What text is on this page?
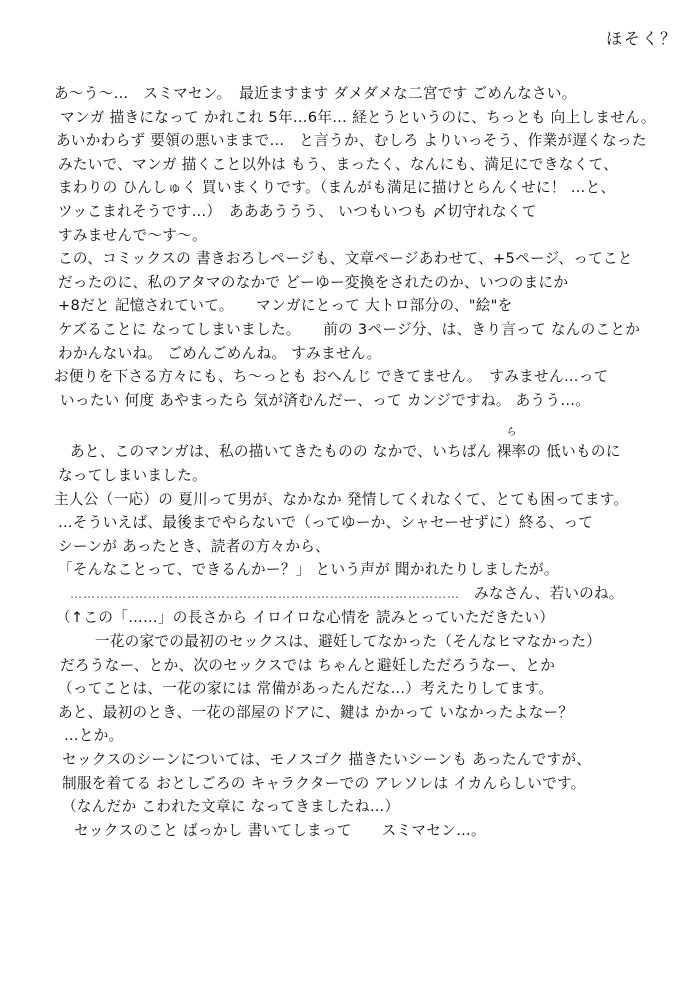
ほそく？
あ〜う〜…　スミマセン。　最近ますます ダメダメな二宮です ごめんなさい。
マンガ 描きになって かれこれ 5年…6年… 経とうというのに、ちっとも 向上しません。
あいかわらず 要領の悪いままで…　と言うか、むしろ よりいっそう、作業が遅くなった
みたいで、マンガ 描くこと以外は もう、まったく、なんにも、満足にできなくて、
まわりの ひんしゅく 買いまくりです。（まんがも満足に描けとらんくせに！ …と、
ツッこまれそうです…）　あああううう、 いつもいつも 〆切守れなくて
すみませんで〜す〜。
この、コミックスの 書きおろしページも、文章ページあわせて、+5ページ、ってこと
だったのに、私のアタマのなかで どーゆー変換をされたのか、いつのまにか
+8だと 記憶されていて。　　マンガにとって 大トロ部分の、"絵"を
ケズることに なってしまいました。　　前の 3ページ分、は、きり言って なんのことか
わかんないね。 ごめんごめんね。 すみません。
お便りを下さる方々にも、ち〜っとも おへんじ できてません。　すみません…って
いったい 何度 あやまったら 気が済むんだー、って カンジですね。 あうう…。
あと、このマンガは、私の描いてきたものの なかで、いちばん
ら
裸率の 低いものに
なってしまいました。
主人公（一応）の 夏川って男が、なかなか 発情してくれなくて、とても困ってます。
…そういえば、最後までやらないで（ってゆーか、シャセーせずに）終る、って
シーンが あったとき、読者の方々から、
「そんなことって、できるんかー？」 という声が 聞かれたりしましたが。
……………………………………………………………………………… みなさん、若いのね。
（↑この「……」の長さから イロイロな心情を 読みとっていただきたい）
　一花の家での最初のセックスは、避妊してなかった（そんなヒマなかった）
だろうなー、とか、次のセックスでは ちゃんと避妊しただろうなー、とか
（ってことは、一花の家には 常備があったんだな…）考えたりしてます。
あと、最初のとき、一花の部屋のドアに、鍵は かかって いなかったよなー？
…とか。
セックスのシーンについては、モノスゴク 描きたいシーンも あったんですが、
制服を着てる おとしごろの キャラクターでの アレソレは イカんらしいです。
（なんだか こわれた文章に なってきましたね…）
セックスのこと ばっかし 書いてしまって　　スミマセン…。
